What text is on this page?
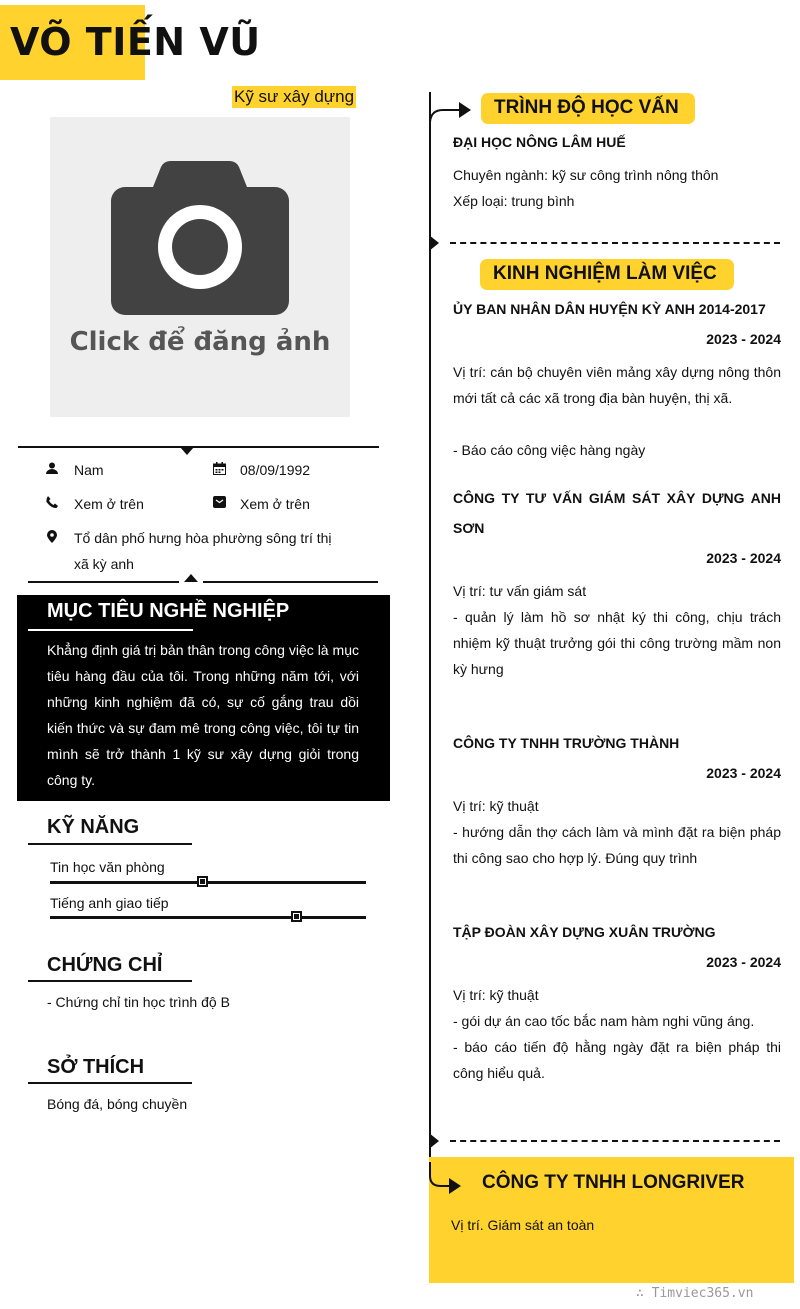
VÕ TIẾN VŨ
Kỹ sư xây dựng
Click để đăng ảnh
Nam	08/09/1992
Xem ở trên	Xem ở trên
Tổ dân phố hưng hòa phường sông trí thị
xã kỳ anh
MỤC TIÊU NGHỀ NGHIỆP
Khẳng định giá trị bản thân trong công việc là mục tiêu hàng đầu của tôi. Trong những năm tới, với những kinh nghiệm đã có, sự cố gắng trau dồi kiến thức và sự đam mê trong công việc, tôi tự tin mình sẽ trở thành 1 kỹ sư xây dựng giỏi trong công ty.
KỸ NĂNG
Tin học văn phòng
Tiếng anh giao tiếp
CHỨNG CHỈ
- Chứng chỉ tin học trình độ B
SỞ THÍCH
Bóng đá, bóng chuyền
TRÌNH ĐỘ HỌC VẤN
ĐẠI HỌC NÔNG LÂM HUẾ
Chuyên ngành: kỹ sư công trình nông thôn
Xếp loại: trung bình
KINH NGHIỆM LÀM VIỆC
ỦY BAN NHÂN DÂN HUYỆN KỲ ANH 2014-2017
2023 - 2024
Vị trí: cán bộ chuyên viên mảng xây dựng nông thôn mới tất cả các xã trong địa bàn huyện, thị xã.
- Báo cáo công việc hàng ngày
CÔNG TY TƯ VẤN GIÁM SÁT XÂY DỰNG ANH SƠN
2023 - 2024
Vị trí: tư vấn giám sát
- quản lý làm hồ sơ nhật ký thi công, chịu trách nhiệm kỹ thuật trưởng gói thi công trường mầm non kỳ hưng
CÔNG TY TNHH TRƯỜNG THÀNH
2023 - 2024
Vị trí: kỹ thuật
- hướng dẫn thợ cách làm và mình đặt ra biện pháp thi công sao cho hợp lý. Đúng quy trình
TẬP ĐOÀN XÂY DỰNG XUÂN TRƯỜNG
2023 - 2024
Vị trí: kỹ thuật
- gói dự án cao tốc bắc nam hàm nghi vũng áng.
- báo cáo tiến độ hằng ngày đặt ra biện pháp thi công hiểu quả.
CÔNG TY TNHH LONGRIVER
Vị trí. Giám sát an toàn
∴ Timviec365.vn
